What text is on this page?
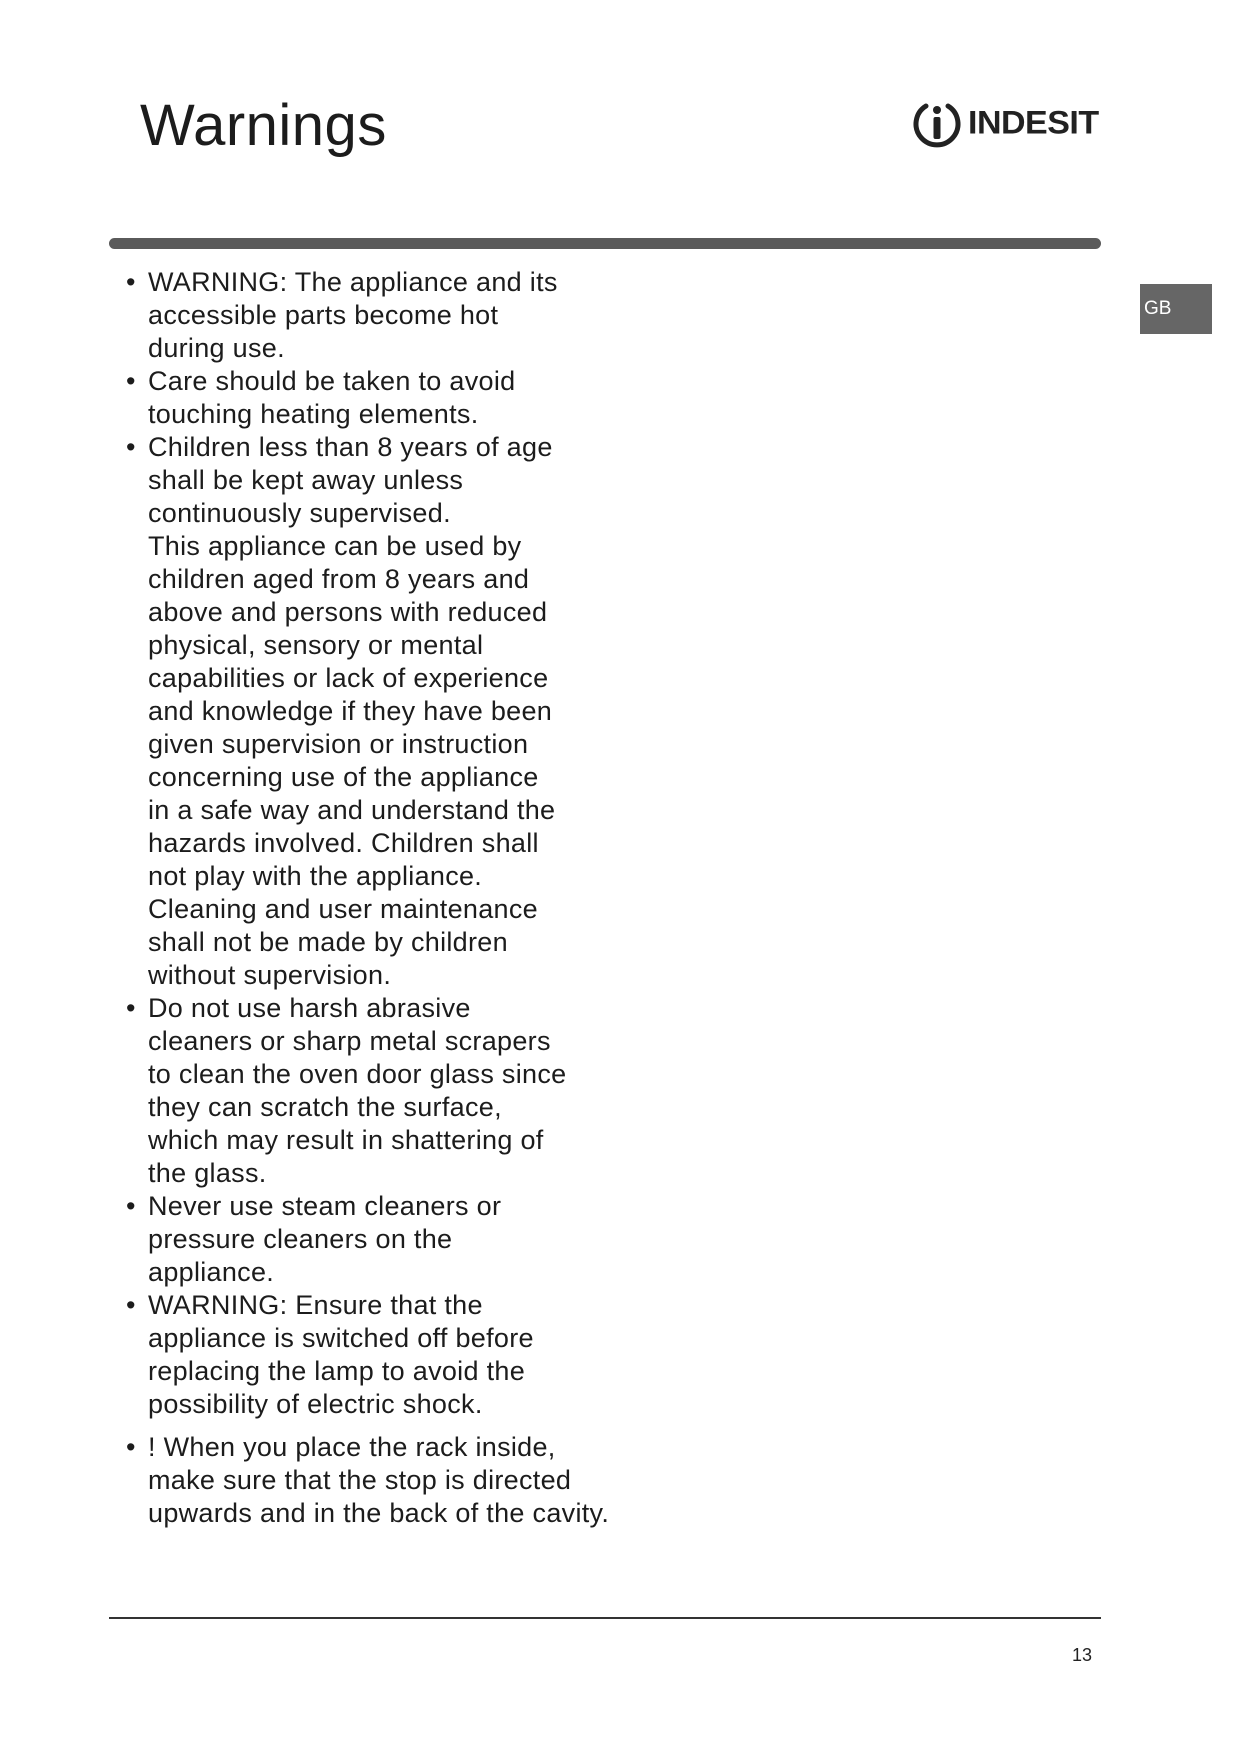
Warnings	INDESIT
GB
• WARNING: The appliance and its
accessible parts become hot
during use.
• Care should be taken to avoid
touching heating elements.
• Children less than 8 years of age
shall be kept away unless
continuously supervised.
This appliance can be used by
children aged from 8 years and
above and persons with reduced
physical, sensory or mental
capabilities or lack of experience
and knowledge if they have been
given supervision or instruction
concerning use of the appliance
in a safe way and understand the
hazards involved. Children shall
not play with the appliance.
Cleaning and user maintenance
shall not be made by children
without supervision.
• Do not use harsh abrasive
cleaners or sharp metal scrapers
to clean the oven door glass since
they can scratch the surface,
which may result in shattering of
the glass.
• Never use steam cleaners or
pressure cleaners on the
appliance.
• WARNING: Ensure that the
appliance is switched off before
replacing the lamp to avoid the
possibility of electric shock.
• ! When you place the rack inside,
make sure that the stop is directed
upwards and in the back of the cavity.
13
